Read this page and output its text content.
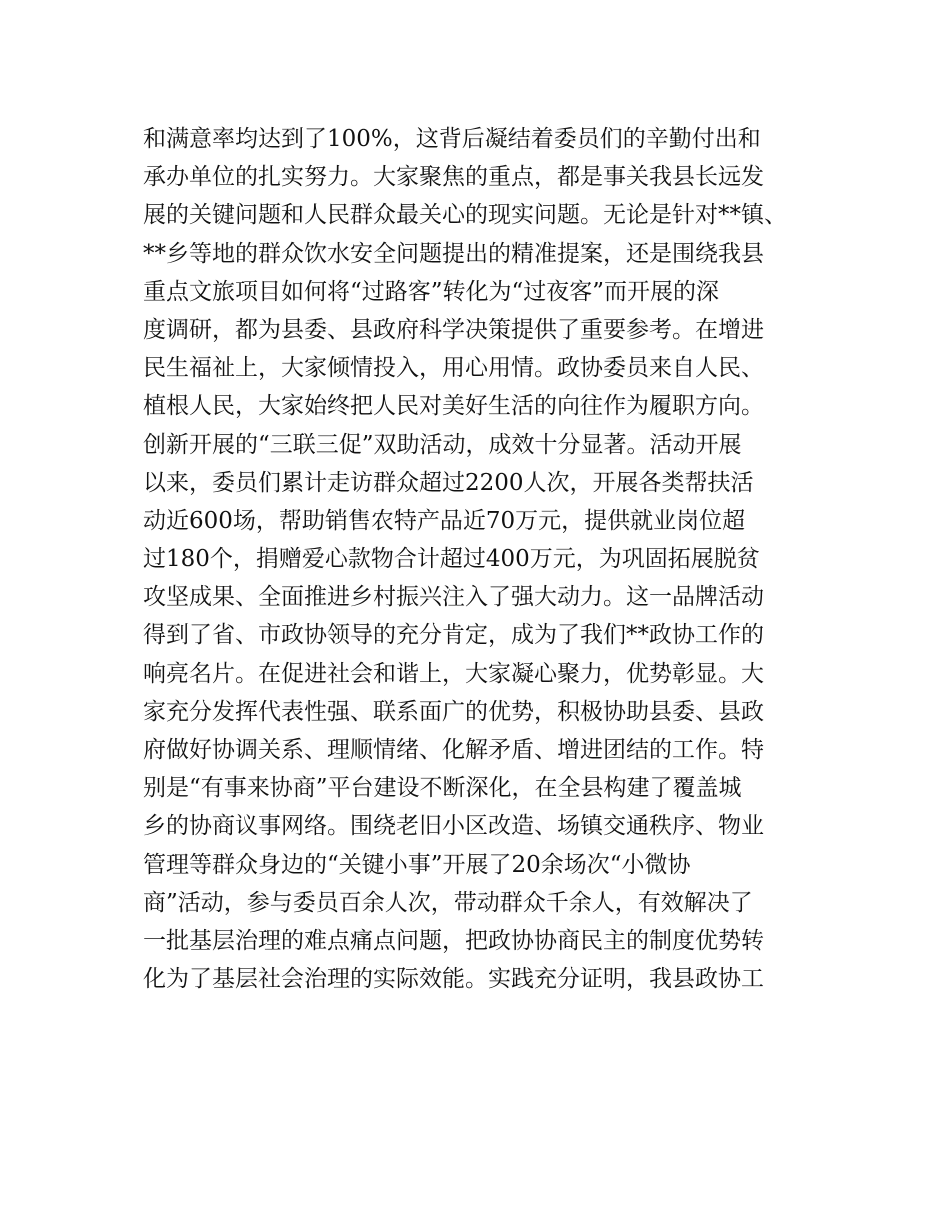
和满意率均达到了100%，这背后凝结着委员们的辛勤付出和
承办单位的扎实努力。大家聚焦的重点，都是事关我县长远发
展的关键问题和人民群众最关心的现实问题。无论是针对**镇、
**乡等地的群众饮水安全问题提出的精准提案，还是围绕我县
重点文旅项目如何将“过路客”转化为“过夜客”而开展的深
度调研，都为县委、县政府科学决策提供了重要参考。在增进
民生福祉上，大家倾情投入，用心用情。政协委员来自人民、
植根人民，大家始终把人民对美好生活的向往作为履职方向。
创新开展的“三联三促”双助活动，成效十分显著。活动开展
以来，委员们累计走访群众超过2200人次，开展各类帮扶活
动近600场，帮助销售农特产品近70万元，提供就业岗位超
过180个，捐赠爱心款物合计超过400万元，为巩固拓展脱贫
攻坚成果、全面推进乡村振兴注入了强大动力。这一品牌活动
得到了省、市政协领导的充分肯定，成为了我们**政协工作的
响亮名片。在促进社会和谐上，大家凝心聚力，优势彰显。大
家充分发挥代表性强、联系面广的优势，积极协助县委、县政
府做好协调关系、理顺情绪、化解矛盾、增进团结的工作。特
别是“有事来协商”平台建设不断深化，在全县构建了覆盖城
乡的协商议事网络。围绕老旧小区改造、场镇交通秩序、物业
管理等群众身边的“关键小事”开展了20余场次“小微协
商”活动，参与委员百余人次，带动群众千余人，有效解决了
一批基层治理的难点痛点问题，把政协协商民主的制度优势转
化为了基层社会治理的实际效能。实践充分证明，我县政协工
